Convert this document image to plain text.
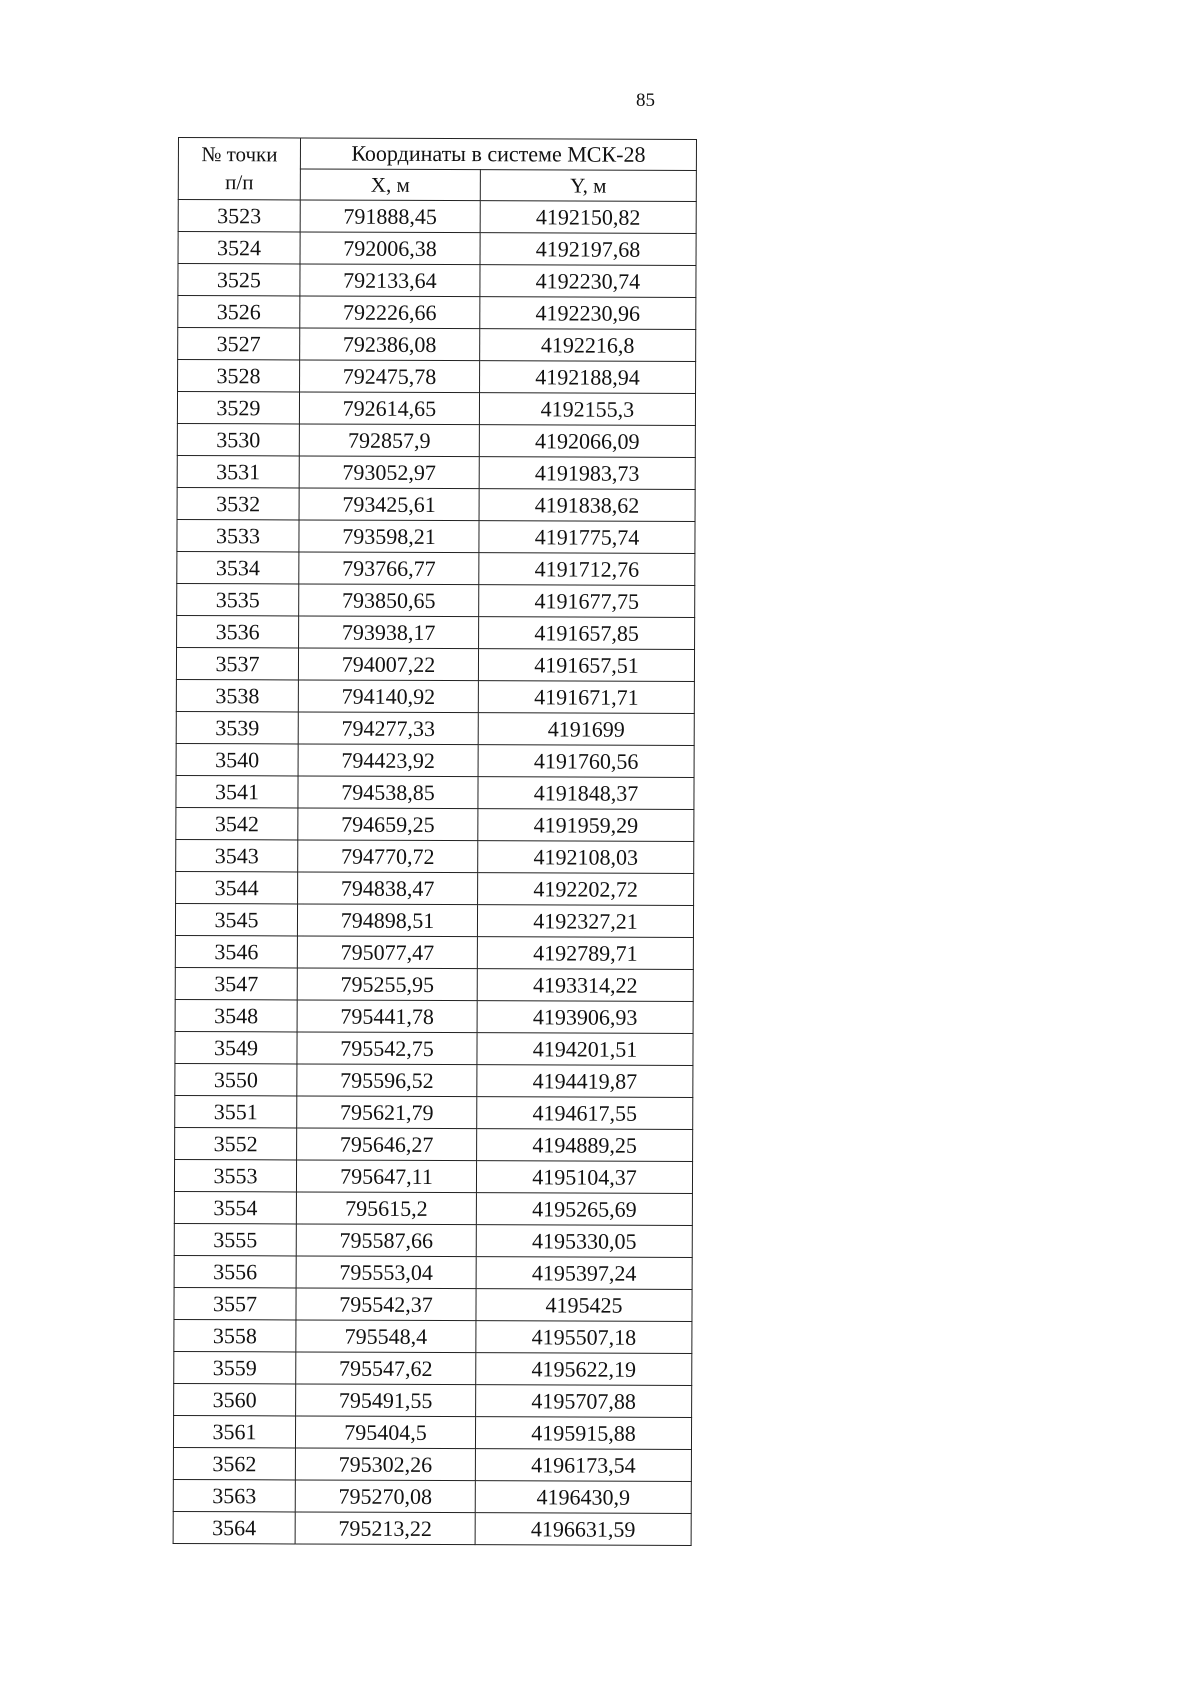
85
№ точки
п/п	Координаты в системе МСК-28	
	X, м	Y, м
3523	791888,45	4192150,82
3524	792006,38	4192197,68
3525	792133,64	4192230,74
3526	792226,66	4192230,96
3527	792386,08	4192216,8
3528	792475,78	4192188,94
3529	792614,65	4192155,3
3530	792857,9	4192066,09
3531	793052,97	4191983,73
3532	793425,61	4191838,62
3533	793598,21	4191775,74
3534	793766,77	4191712,76
3535	793850,65	4191677,75
3536	793938,17	4191657,85
3537	794007,22	4191657,51
3538	794140,92	4191671,71
3539	794277,33	4191699
3540	794423,92	4191760,56
3541	794538,85	4191848,37
3542	794659,25	4191959,29
3543	794770,72	4192108,03
3544	794838,47	4192202,72
3545	794898,51	4192327,21
3546	795077,47	4192789,71
3547	795255,95	4193314,22
3548	795441,78	4193906,93
3549	795542,75	4194201,51
3550	795596,52	4194419,87
3551	795621,79	4194617,55
3552	795646,27	4194889,25
3553	795647,11	4195104,37
3554	795615,2	4195265,69
3555	795587,66	4195330,05
3556	795553,04	4195397,24
3557	795542,37	4195425
3558	795548,4	4195507,18
3559	795547,62	4195622,19
3560	795491,55	4195707,88
3561	795404,5	4195915,88
3562	795302,26	4196173,54
3563	795270,08	4196430,9
3564	795213,22	4196631,59
